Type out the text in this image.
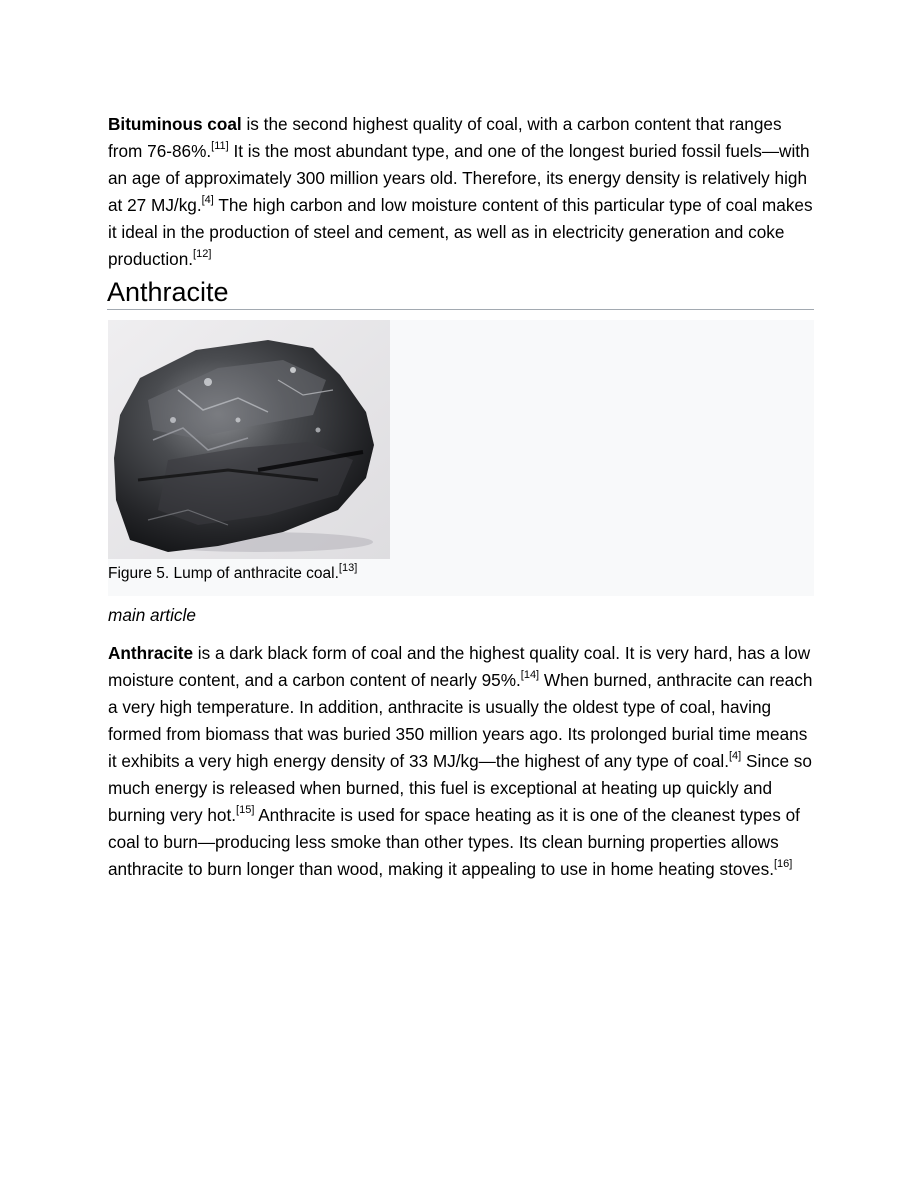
Bituminous coal is the second highest quality of coal, with a carbon content that ranges from 76-86%.[11] It is the most abundant type, and one of the longest buried fossil fuels—with an age of approximately 300 million years old. Therefore, its energy density is relatively high at 27 MJ/kg.[4] The high carbon and low moisture content of this particular type of coal makes it ideal in the production of steel and cement, as well as in electricity generation and coke production.[12]

Anthracite
Figure 5. Lump of anthracite coal.[13]
main article

Anthracite is a dark black form of coal and the highest quality coal. It is very hard, has a low moisture content, and a carbon content of nearly 95%.[14] When burned, anthracite can reach a very high temperature. In addition, anthracite is usually the oldest type of coal, having formed from biomass that was buried 350 million years ago. Its prolonged burial time means it exhibits a very high energy density of 33 MJ/kg—the highest of any type of coal.[4] Since so much energy is released when burned, this fuel is exceptional at heating up quickly and burning very hot.[15] Anthracite is used for space heating as it is one of the cleanest types of coal to burn—producing less smoke than other types. Its clean burning properties allows anthracite to burn longer than wood, making it appealing to use in home heating stoves.[16]
